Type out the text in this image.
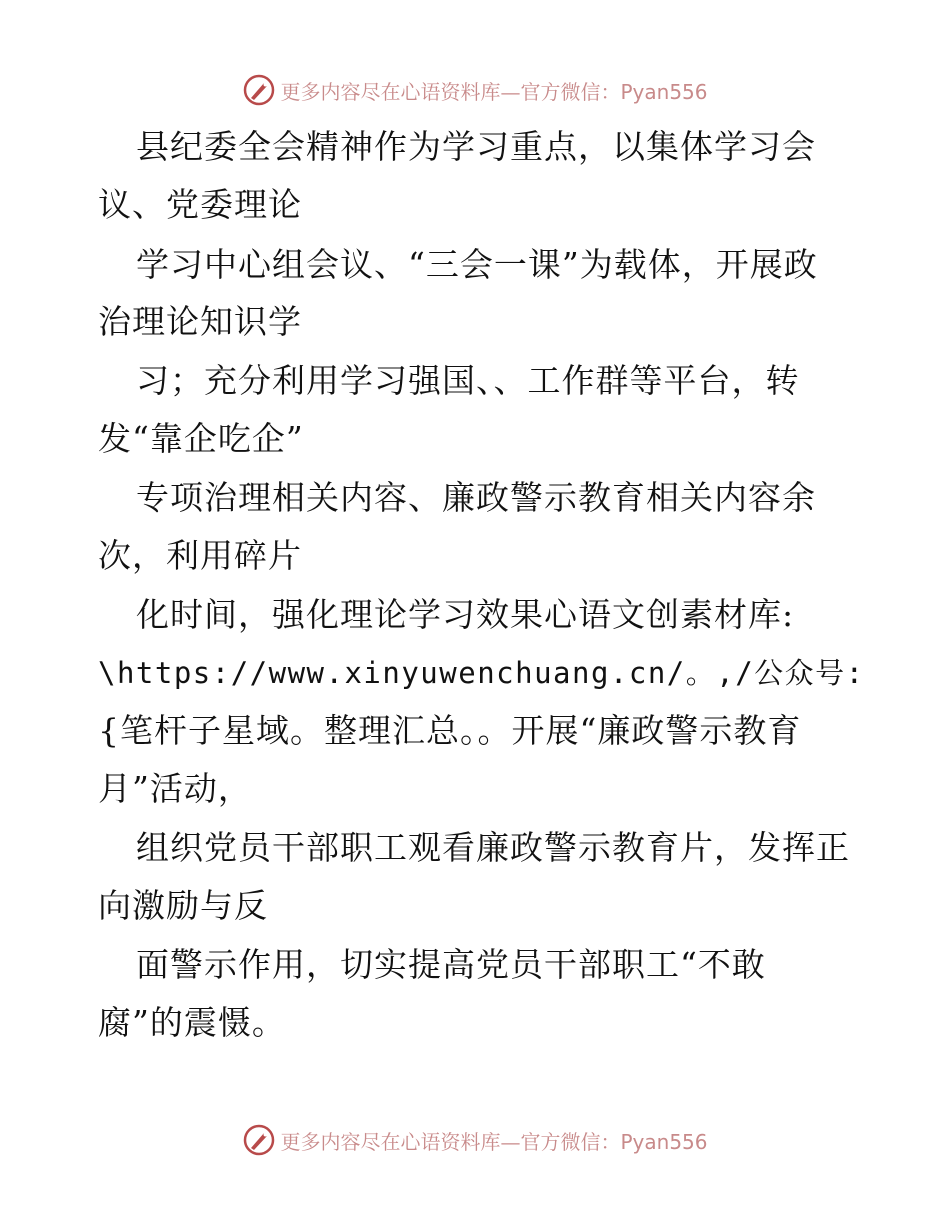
更多内容尽在心语资料库—官方微信：Pyan556
县纪委全会精神作为学习重点，以集体学习会
议、党委理论
学习中心组会议、“三会一课”为载体，开展政
治理论知识学
习；充分利用学习强国、、工作群等平台，转
发“靠企吃企”
专项治理相关内容、廉政警示教育相关内容余
次，利用碎片
化时间，强化理论学习效果心语文创素材库:
\https://www.xinyuwenchuang.cn/。,/公众号:
{笔杆子星域。整理汇总。。开展“廉政警示教育
月”活动，
组织党员干部职工观看廉政警示教育片，发挥正
向激励与反
面警示作用，切实提高党员干部职工“不敢
腐”的震慑。
更多内容尽在心语资料库—官方微信：Pyan556
